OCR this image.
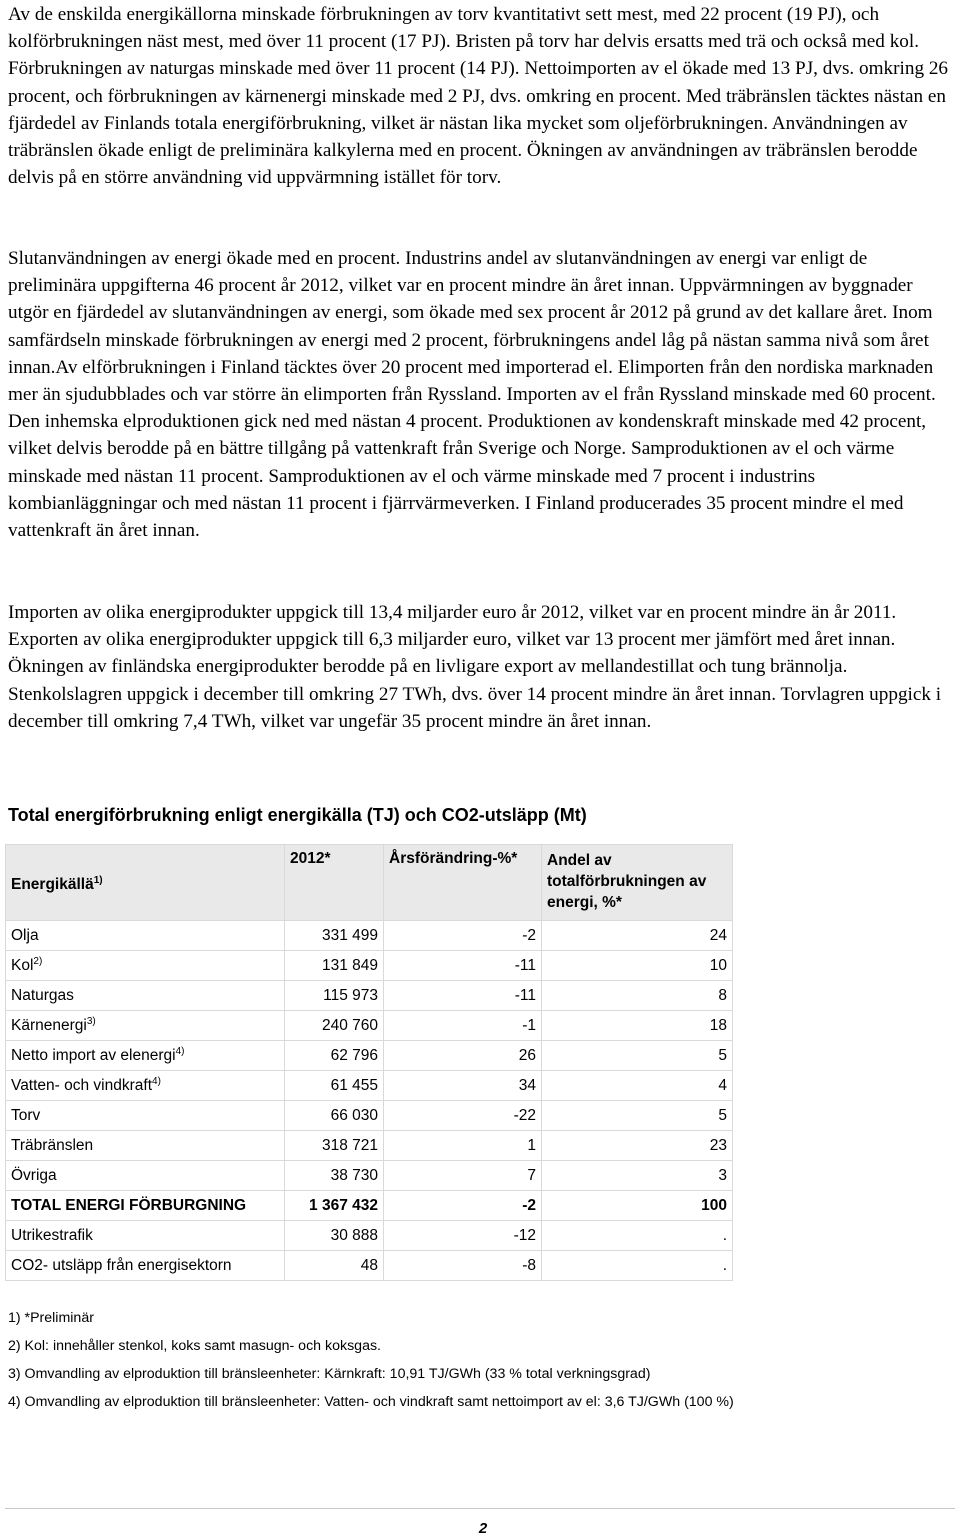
Av de enskilda energikällorna minskade förbrukningen av torv kvantitativt sett mest, med 22 procent (19 PJ), och kolförbrukningen näst mest, med över 11 procent (17 PJ). Bristen på torv har delvis ersatts med trä och också med kol. Förbrukningen av naturgas minskade med över 11 procent (14 PJ). Nettoimporten av el ökade med 13 PJ, dvs. omkring 26 procent, och förbrukningen av kärnenergi minskade med 2 PJ, dvs. omkring en procent. Med träbränslen täcktes nästan en fjärdedel av Finlands totala energiförbrukning, vilket är nästan lika mycket som oljeförbrukningen. Användningen av träbränslen ökade enligt de preliminära kalkylerna med en procent. Ökningen av användningen av träbränslen berodde delvis på en större användning vid uppvärmning istället för torv.

Slutanvändningen av energi ökade med en procent. Industrins andel av slutanvändningen av energi var enligt de preliminära uppgifterna 46 procent år 2012, vilket var en procent mindre än året innan. Uppvärmningen av byggnader utgör en fjärdedel av slutanvändningen av energi, som ökade med sex procent år 2012 på grund av det kallare året. Inom samfärdseln minskade förbrukningen av energi med 2 procent, förbrukningens andel låg på nästan samma nivå som året innan.Av elförbrukningen i Finland täcktes över 20 procent med importerad el. Elimporten från den nordiska marknaden mer än sjudubblades och var större än elimporten från Ryssland. Importen av el från Ryssland minskade med 60 procent. Den inhemska elproduktionen gick ned med nästan 4 procent. Produktionen av kondenskraft minskade med 42 procent, vilket delvis berodde på en bättre tillgång på vattenkraft från Sverige och Norge. Samproduktionen av el och värme minskade med nästan 11 procent. Samproduktionen av el och värme minskade med 7 procent i industrins kombianläggningar och med nästan 11 procent i fjärrvärmeverken. I Finland producerades 35 procent mindre el med vattenkraft än året innan.

Importen av olika energiprodukter uppgick till 13,4 miljarder euro år 2012, vilket var en procent mindre än år 2011. Exporten av olika energiprodukter uppgick till 6,3 miljarder euro, vilket var 13 procent mer jämfört med året innan. Ökningen av finländska energiprodukter berodde på en livligare export av mellandestillat och tung brännolja. Stenkolslagren uppgick i december till omkring 27 TWh, dvs. över 14 procent mindre än året innan. Torvlagren uppgick i december till omkring 7,4 TWh, vilket var ungefär 35 procent mindre än året innan.

Total energiförbrukning enligt energikälla (TJ) och CO2-utsläpp (Mt)
Energikällä$^{1)}$	2012*	Årsförändring-%*	Andel av totalförbrukningen av energi, %*
Olja	331 499	-2	24
Kol$^{2)}$	131 849	-11	10
Naturgas	115 973	-11	8
Kärnenergi$^{3)}$	240 760	-1	18
Netto import av elenergi$^{4)}$	62 796	26	5
Vatten- och vindkraft$^{4)}$	61 455	34	4
Torv	66 030	-22	5
Träbränslen	318 721	1	23
Övriga	38 730	7	3
TOTAL ENERGI FÖRBURGNING	1 367 432	-2	100
Utrikestrafik	30 888	-12	.
CO2- utsläpp från energisektorn	48	-8	.
1) *Preliminär
2) Kol: innehåller stenkol, koks samt masugn- och koksgas.
3) Omvandling av elproduktion till bränsleenheter: Kärnkraft: 10,91 TJ/GWh (33 % total verkningsgrad)
4) Omvandling av elproduktion till bränsleenheter: Vatten- och vindkraft samt nettoimport av el: 3,6 TJ/GWh (100 %)
2
